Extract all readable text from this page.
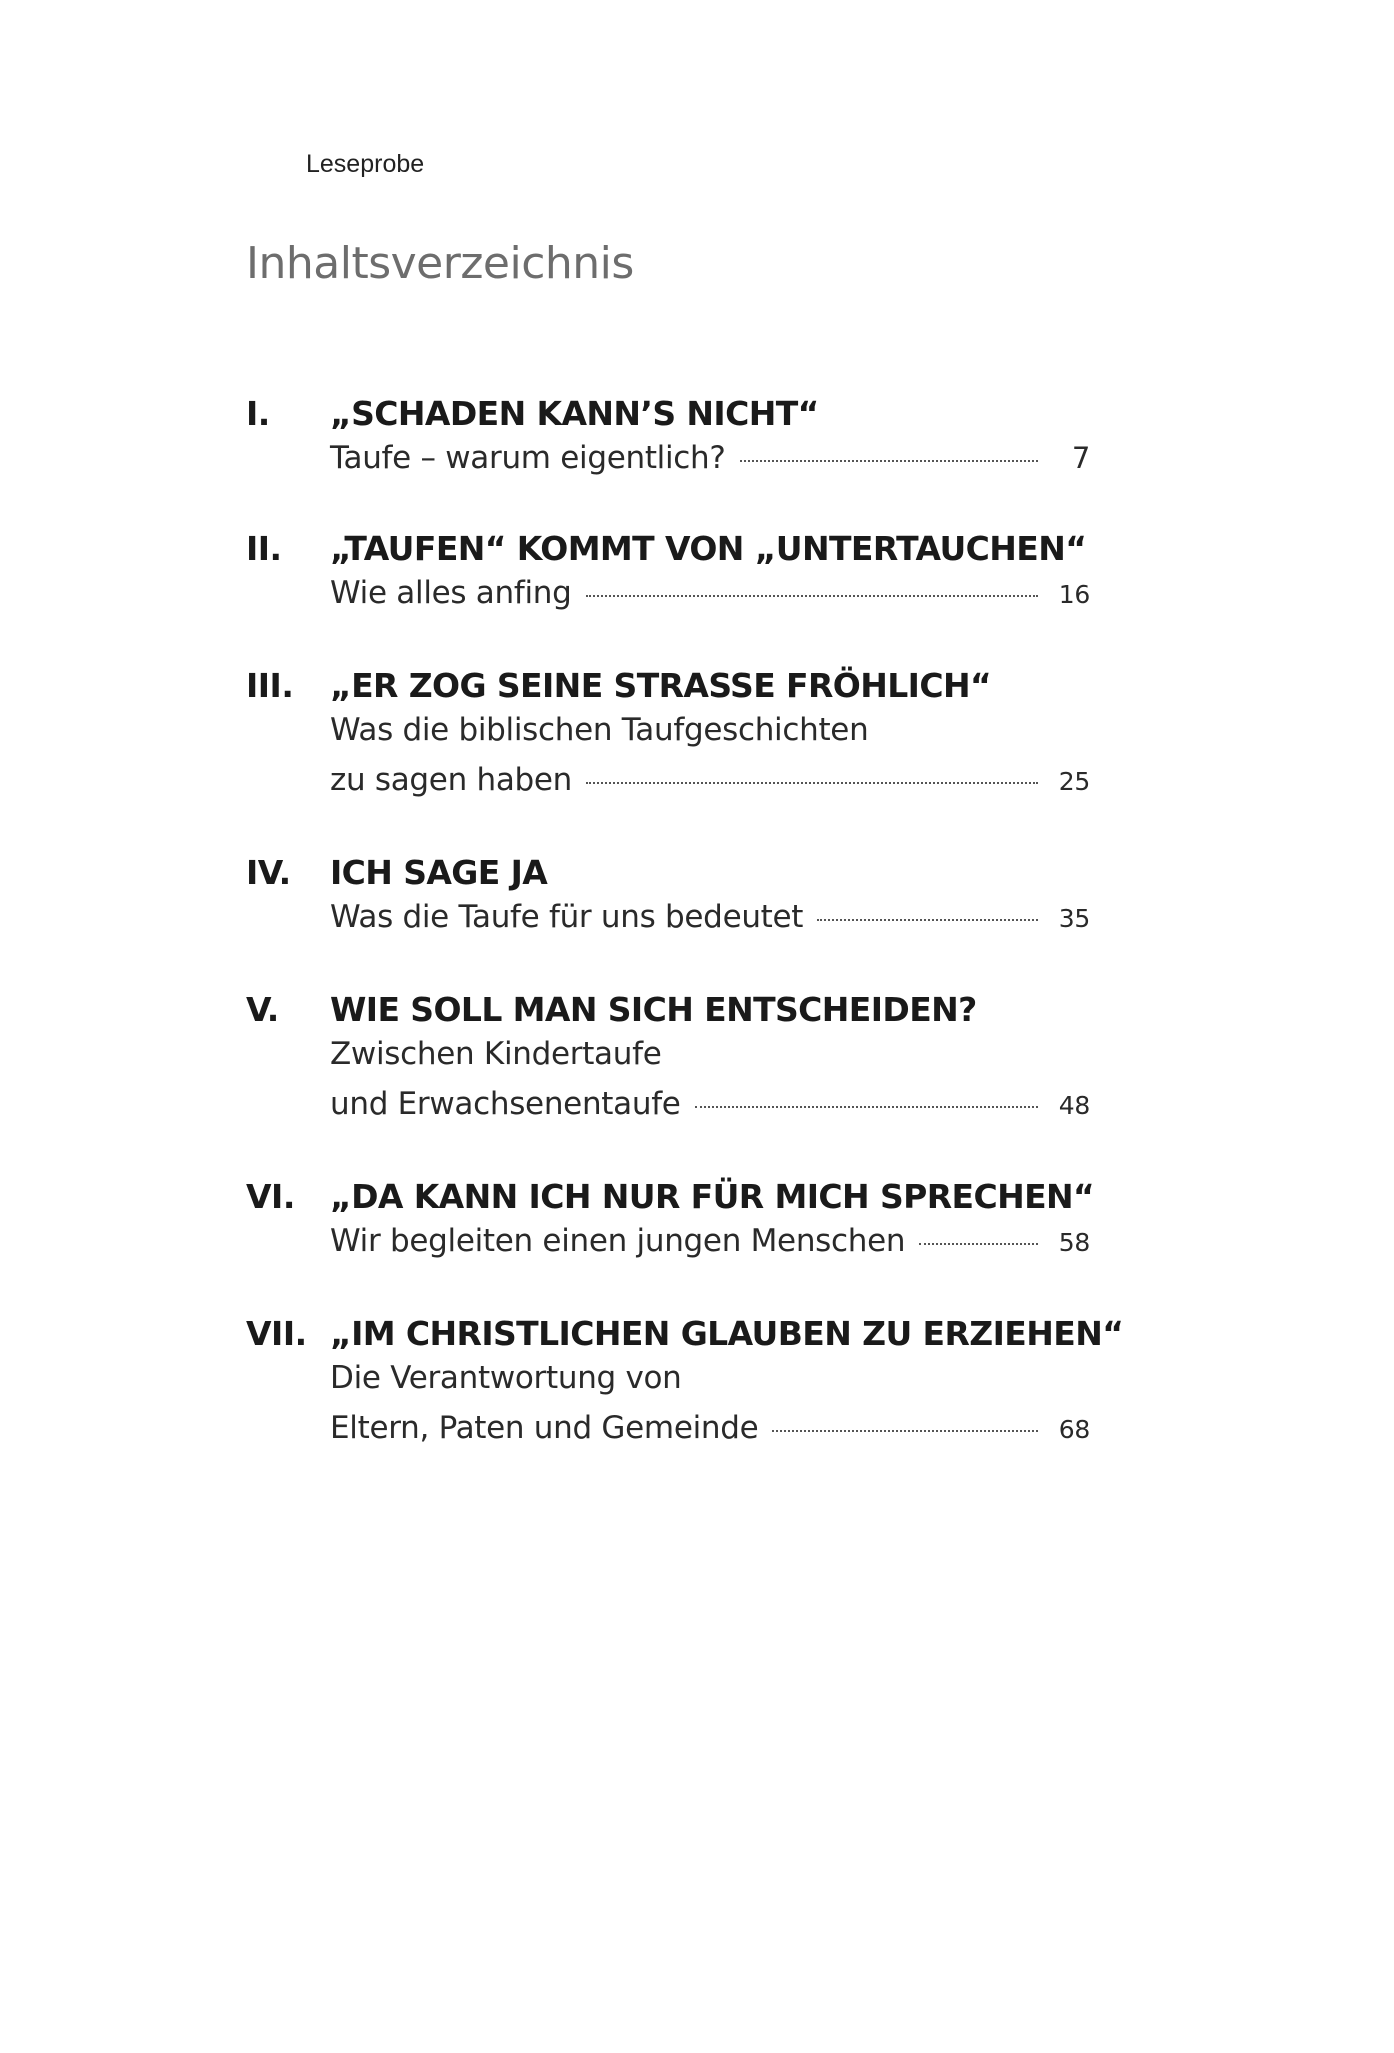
Leseprobe
Inhaltsverzeichnis
I.	„SCHADEN KANN’S NICHT“
Taufe – warum eigentlich?	7
II.	„TAUFEN“ KOMMT VON „UNTERTAUCHEN“
Wie alles anfing	16
III.	„ER ZOG SEINE STRASSE FRÖHLICH“
Was die biblischen Taufgeschichten
zu sagen haben	25
IV.	ICH SAGE JA
Was die Taufe für uns bedeutet	35
V.	WIE SOLL MAN SICH ENTSCHEIDEN?
Zwischen Kindertaufe
und Erwachsenentaufe	48
VI.	„DA KANN ICH NUR FÜR MICH SPRECHEN“
Wir begleiten einen jungen Menschen	58
VII. „IM CHRISTLICHEN GLAUBEN ZU ERZIEHEN“
Die Verantwortung von
Eltern, Paten und Gemeinde	68
